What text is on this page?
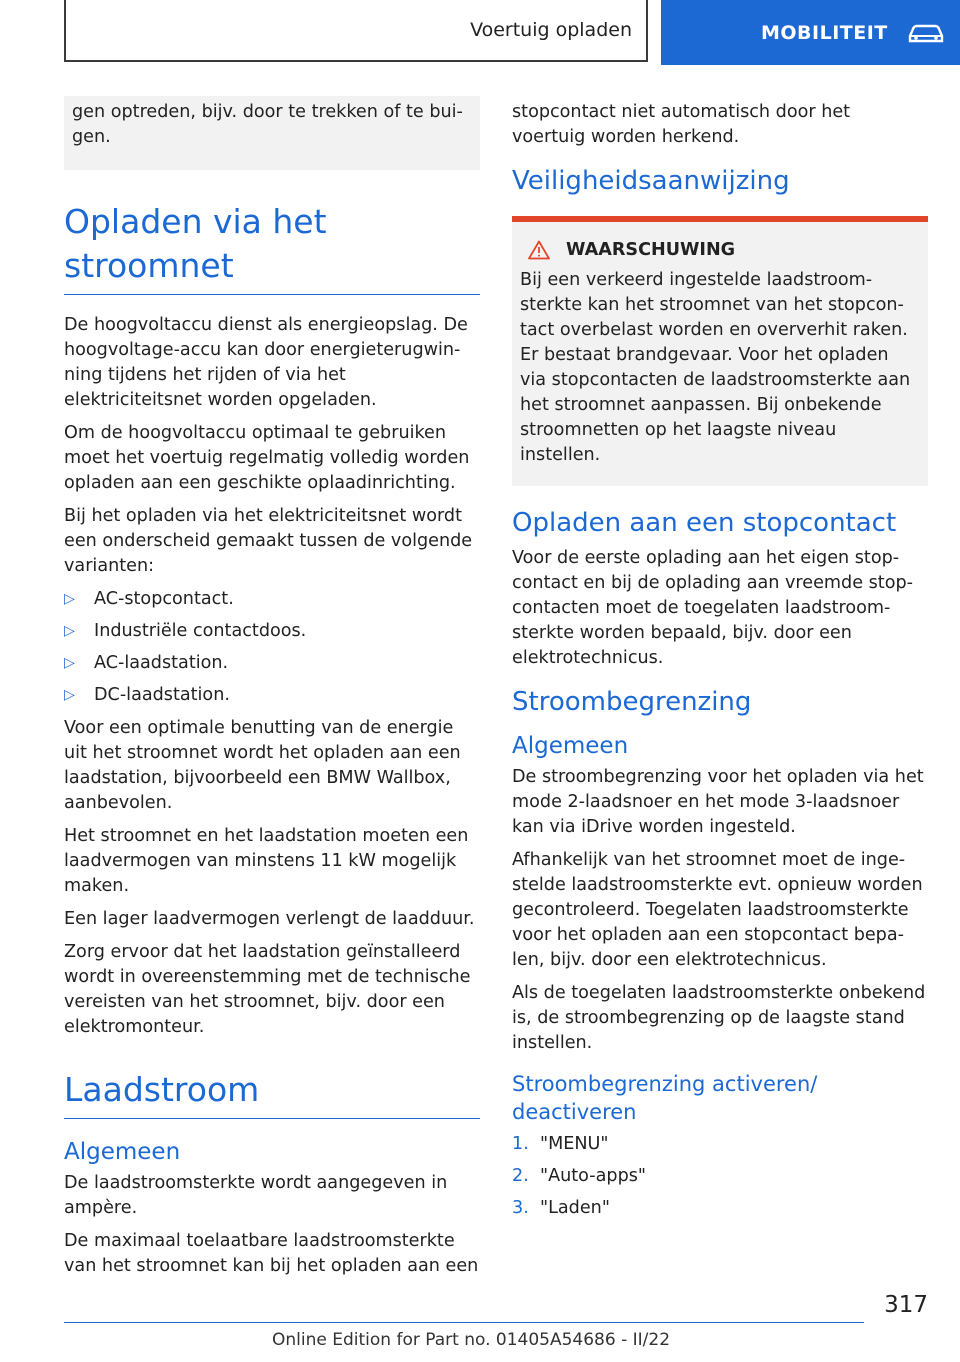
Voertuig opladen	MOBILITEIT

gen optreden, bijv. door te trekken of te bui-
gen.

Opladen via het stroomnet

De hoogvoltaccu dienst als energieopslag. De hoogvoltage-accu kan door energieterugwin-ning tijdens het rijden of via het elektriciteitsnet worden opgeladen.

Om de hoogvoltaccu optimaal te gebruiken moet het voertuig regelmatig volledig worden opladen aan een geschikte oplaadinrichting.

Bij het opladen via het elektriciteitsnet wordt een onderscheid gemaakt tussen de volgende varianten:

▷ AC-stopcontact.
▷ Industriële contactdoos.
▷ AC-laadstation.
▷ DC-laadstation.

Voor een optimale benutting van de energie uit het stroomnet wordt het opladen aan een laadstation, bijvoorbeeld een BMW Wallbox, aanbevolen.

Het stroomnet en het laadstation moeten een laadvermogen van minstens 11 kW mogelijk maken.

Een lager laadvermogen verlengt de laadduur.

Zorg ervoor dat het laadstation geïnstalleerd wordt in overeenstemming met de technische vereisten van het stroomnet, bijv. door een elektromonteur.

Laadstroom
Algemeen

De laadstroomsterkte wordt aangegeven in ampère.

De maximaal toelaatbare laadstroomsterkte van het stroomnet kan bij het opladen aan een

stopcontact niet automatisch door het voertuig worden herkend.

Veiligheidsaanwijzing
WAARSCHUWING

Bij een verkeerd ingestelde laadstroom-sterkte kan het stroomnet van het stopcon-tact overbelast worden en oververhit raken. Er bestaat brandgevaar. Voor het opladen via stopcontacten de laadstroomsterkte aan het stroomnet aanpassen. Bij onbekende stroomnetten op het laagste niveau instellen.

Opladen aan een stopcontact

Voor de eerste oplading aan het eigen stop-contact en bij de oplading aan vreemde stop-contacten moet de toegelaten laadstroom-sterkte worden bepaald, bijv. door een elektrotechnicus.

Stroombegrenzing
Algemeen

De stroombegrenzing voor het opladen via het mode 2-laadsnoer en het mode 3-laadsnoer kan via iDrive worden ingesteld.

Afhankelijk van het stroomnet moet de inge-stelde laadstroomsterkte evt. opnieuw worden gecontroleerd. Toegelaten laadstroomsterkte voor het opladen aan een stopcontact bepa-len, bijv. door een elektrotechnicus.

Als de toegelaten laadstroomsterkte onbekend is, de stroombegrenzing op de laagste stand instellen.

Stroombegrenzing activeren/
deactiveren
1. "MENU"
2. "Auto-apps"
3. "Laden"
317
Online Edition for Part no. 01405A54686 - II/22
